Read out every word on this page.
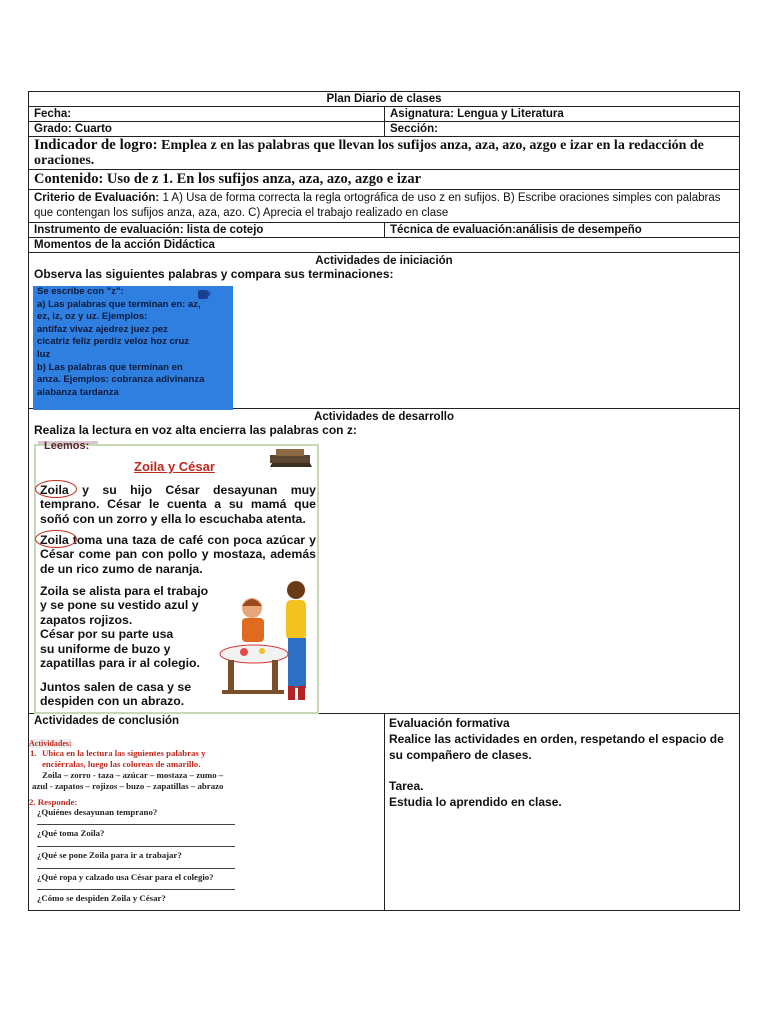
Plan Diario de clases
Fecha:	Asignatura: Lengua y Literatura
Grado: Cuarto	Sección:
Indicador de logro: Emplea z en las palabras que llevan los sufijos anza, aza, azo, azgo e izar en la redacción de oraciones.
Contenido: Uso de z 1. En los sufijos anza, aza, azo, azgo e izar
Criterio de Evaluación: 1 A) Usa de forma correcta la regla ortográfica de uso z en sufijos. B) Escribe oraciones simples con palabras que contengan los sufijos anza, aza, azo. C) Aprecia el trabajo realizado en clase
Instrumento de evaluación: lista de cotejo	Técnica de evaluación:análisis de desempeño
Momentos de la acción Didáctica
Actividades de iniciación
Observa las siguientes palabras y compara sus terminaciones:
Actividades de desarrollo
Realiza la lectura en voz alta encierra las palabras con z:
Actividades de conclusión
Se escribe con "z":
a) Las palabras que terminan en: az,
ez, iz, oz y uz. Ejemplos:
antifaz vivaz ajedrez juez pez
cicatriz feliz perdiz veloz hoz cruz
luz
b) Las palabras que terminan en
anza. Ejemplos: cobranza adivinanza
alabanza tardanza
Leemos:
Zoila y César
Zoila y su hijo César desayunan muy temprano. César le cuenta a su mamá que soñó con un zorro y ella lo escuchaba atenta.
Zoila toma una taza de café con poca azúcar y César come pan con pollo y mostaza, además de un rico zumo de naranja.

Zoila se alista para el trabajo

y se pone su vestido azul y

zapatos rojizos.

César por su parte usa

su uniforme de buzo y

zapatillas para ir al colegio.

Juntos salen de casa y se

despiden con un abrazo.

Actividades:
1. Ubica en la lectura las siguientes palabras y
enciérralas, luego las coloreas de amarillo.
Zoila – zorro - taza – azúcar – mostaza – zumo –
azul - zapatos – rojizos – buzo – zapatillas – abrazo
2. Responde:
¿Quiénes desayunan temprano?
¿Qué toma Zoila?
¿Qué se pone Zoila para ir a trabajar?
¿Qué ropa y calzado usa César para el colegio?
¿Cómo se despiden Zoila y César?
Evaluación formativa
Realice las actividades en orden, respetando el espacio de
su compañero de clases.
Tarea.
Estudia lo aprendido en clase.
